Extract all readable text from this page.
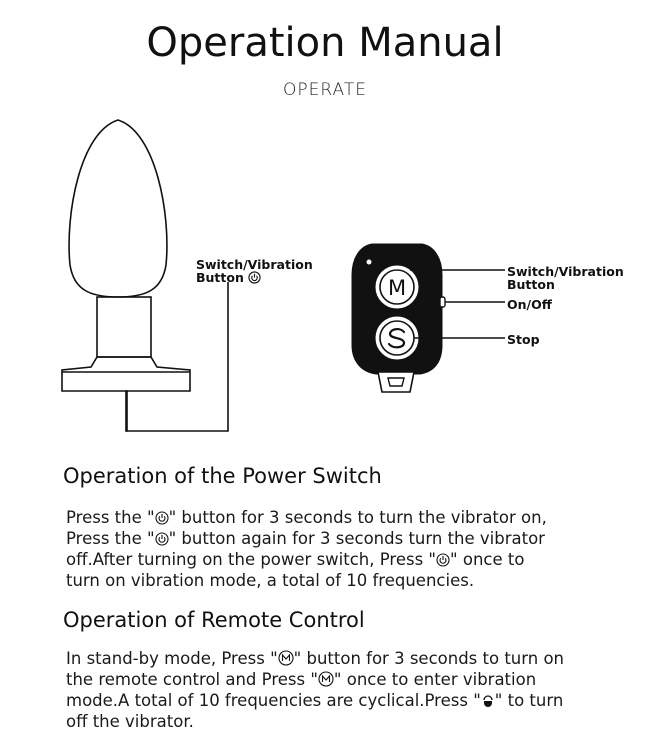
Operation Manual
OPERATE
M
Switch/Vibration
Button	Switch/Vibration
Button
On/Off
Stop
Operation of the Power Switch
Press the " " button for 3 seconds to turn the vibrator on,
Press the " " button again for 3 seconds turn the vibrator
off.After turning on the power switch, Press " " once to
turn on vibration mode, a total of 10 frequencies.
Operation of Remote Control
In stand-by mode, Press " " button for 3 seconds to turn on
the remote control and Press " " once to enter vibration
mode.A total of 10 frequencies are cyclical.Press " " to turn
off the vibrator.
